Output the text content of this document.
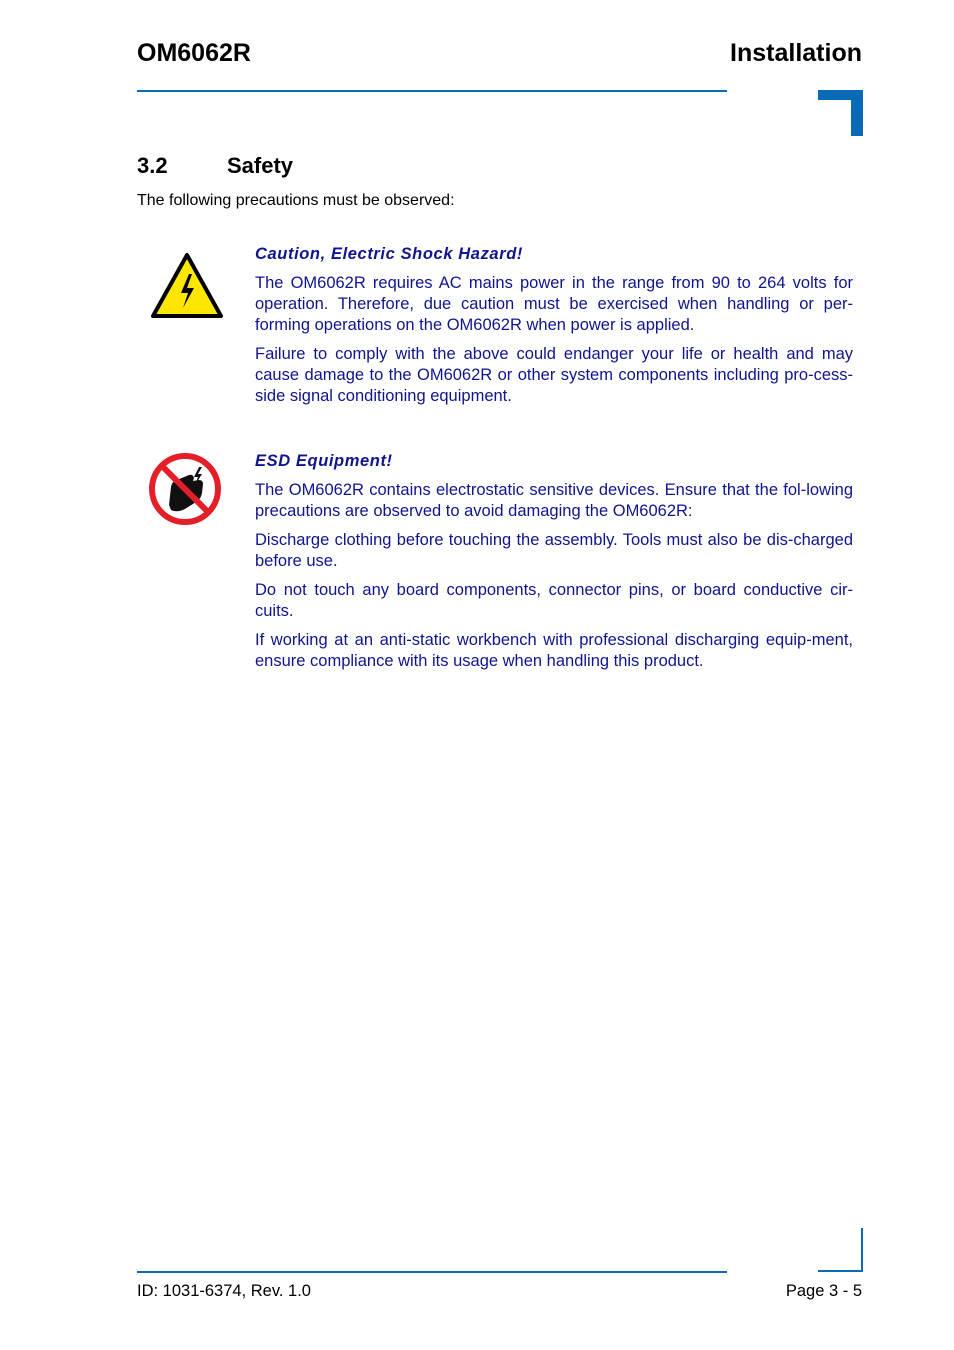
OM6062R	Installation
3.2	Safety
The following precautions must be observed:
Caution, Electric Shock Hazard!

The OM6062R requires AC mains power in the range from 90 to 264 volts for operation. Therefore, due caution must be exercised when handling or per-forming operations on the OM6062R when power is applied.

Failure to comply with the above could endanger your life or health and may cause damage to the OM6062R or other system components including pro-cess-side signal conditioning equipment.

ESD Equipment!

The OM6062R contains electrostatic sensitive devices. Ensure that the fol-lowing precautions are observed to avoid damaging the OM6062R:

Discharge clothing before touching the assembly. Tools must also be dis-charged before use.

Do not touch any board components, connector pins, or board conductive cir-cuits.

If working at an anti-static workbench with professional discharging equip-ment, ensure compliance with its usage when handling this product.

ID: 1031-6374, Rev. 1.0	Page 3 - 5
